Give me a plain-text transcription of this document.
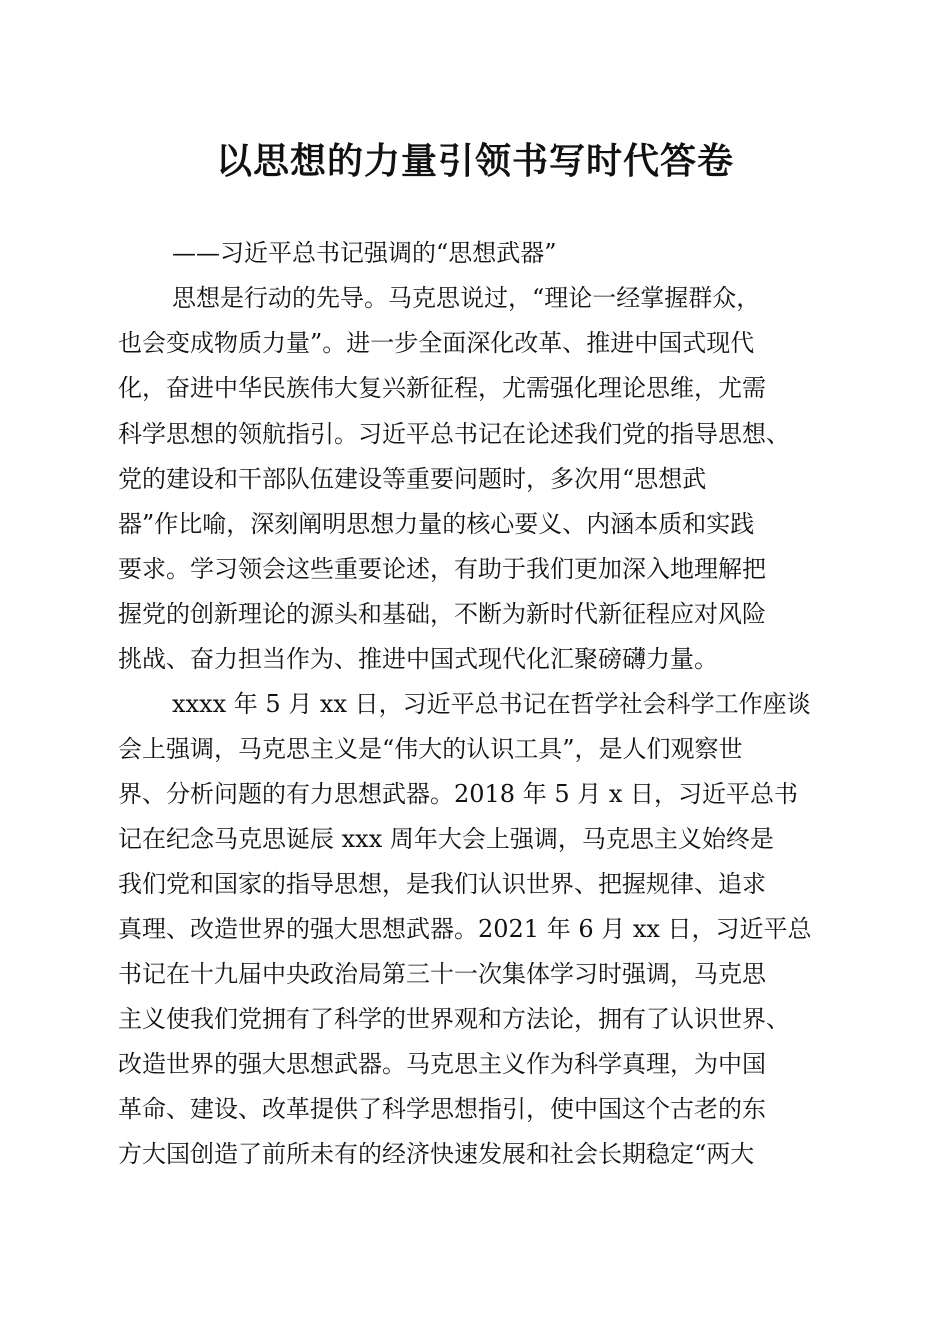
以思想的力量引领书写时代答卷
——习近平总书记强调的“思想武器”
思想是行动的先导。马克思说过，“理论一经掌握群众，
也会变成物质力量”。进一步全面深化改革、推进中国式现代
化，奋进中华民族伟大复兴新征程，尤需强化理论思维，尤需
科学思想的领航指引。习近平总书记在论述我们党的指导思想、
党的建设和干部队伍建设等重要问题时，多次用“思想武
器”作比喻，深刻阐明思想力量的核心要义、内涵本质和实践
要求。学习领会这些重要论述，有助于我们更加深入地理解把
握党的创新理论的源头和基础，不断为新时代新征程应对风险
挑战、奋力担当作为、推进中国式现代化汇聚磅礴力量。
xxxx 年 5 月 xx 日，习近平总书记在哲学社会科学工作座谈
会上强调，马克思主义是“伟大的认识工具”，是人们观察世
界、分析问题的有力思想武器。2018 年 5 月 x 日，习近平总书
记在纪念马克思诞辰 xxx 周年大会上强调，马克思主义始终是
我们党和国家的指导思想，是我们认识世界、把握规律、追求
真理、改造世界的强大思想武器。2021 年 6 月 xx 日，习近平总
书记在十九届中央政治局第三十一次集体学习时强调，马克思
主义使我们党拥有了科学的世界观和方法论，拥有了认识世界、
改造世界的强大思想武器。马克思主义作为科学真理，为中国
革命、建设、改革提供了科学思想指引，使中国这个古老的东
方大国创造了前所未有的经济快速发展和社会长期稳定“两大
